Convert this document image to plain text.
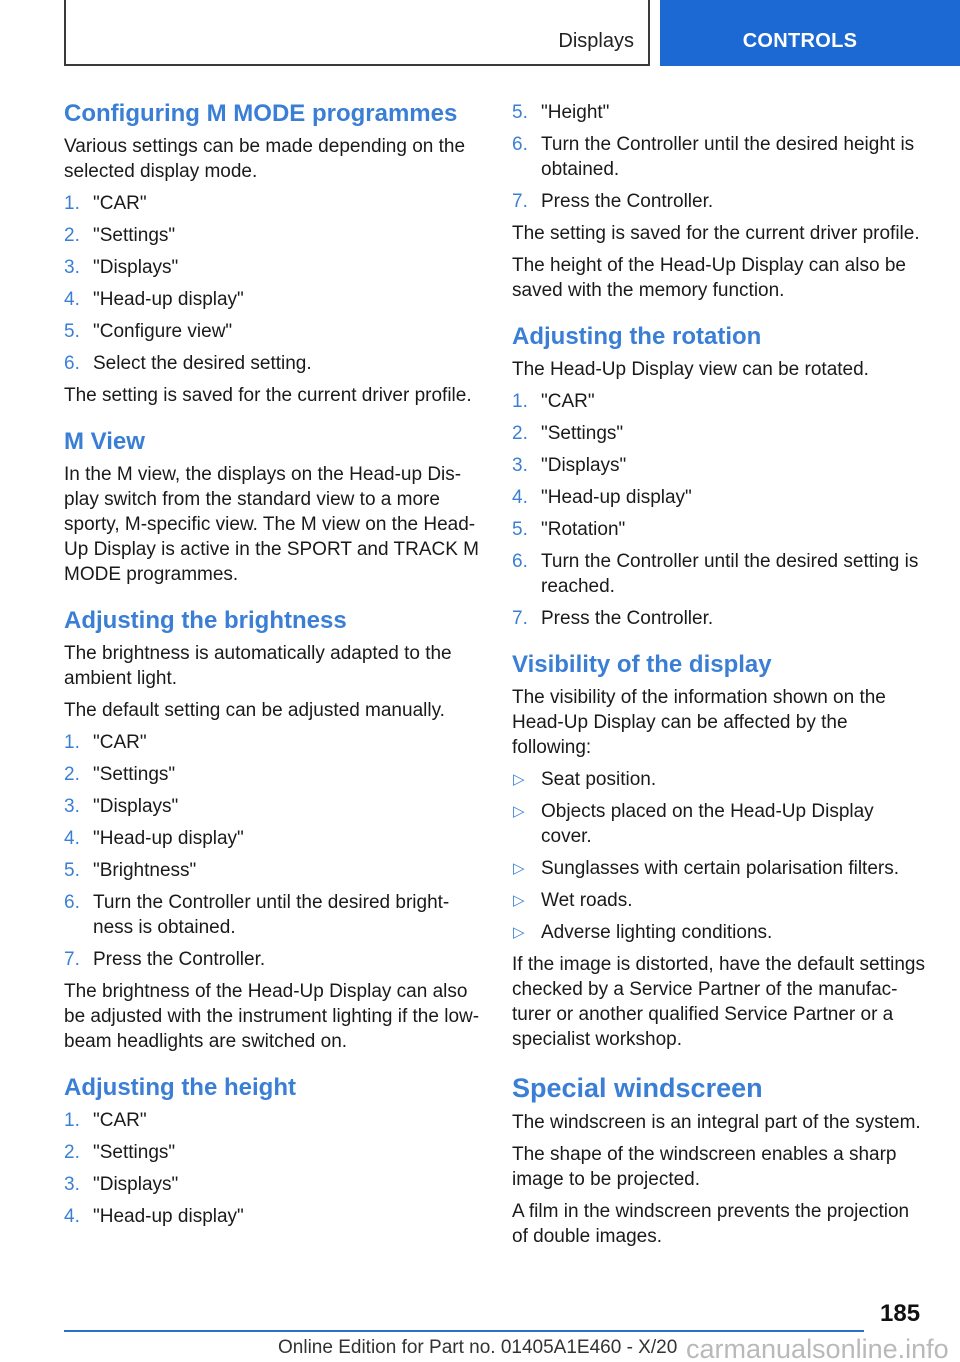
Displays	CONTROLS
Configuring M MODE programmes

Various settings can be made depending on the selected display mode.

1. "CAR"
2. "Settings"
3. "Displays"
4. "Head-up display"
5. "Configure view"
6. Select the desired setting.

The setting is saved for the current driver profile.

M View

In the M view, the displays on the Head-up Dis- play switch from the standard view to a more sporty, M-specific view. The M view on the Head-Up Display is active in the SPORT and TRACK M MODE programmes.

Adjusting the brightness

The brightness is automatically adapted to the ambient light.

The default setting can be adjusted manually.

1. "CAR"
2. "Settings"
3. "Displays"
4. "Head-up display"
5. "Brightness"
6. Turn the Controller until the desired bright- ness is obtained.
7. Press the Controller.

The brightness of the Head-Up Display can also be adjusted with the instrument lighting if the low-beam headlights are switched on.

Adjusting the height
1. "CAR"
2. "Settings"
3. "Displays"
4. "Head-up display"
5. "Height"
6. Turn the Controller until the desired height is obtained.
7. Press the Controller.

The setting is saved for the current driver profile.

The height of the Head-Up Display can also be saved with the memory function.

Adjusting the rotation

The Head-Up Display view can be rotated.

1. "CAR"
2. "Settings"
3. "Displays"
4. "Head-up display"
5. "Rotation"
6. Turn the Controller until the desired setting is reached.
7. Press the Controller.
Visibility of the display

The visibility of the information shown on the Head-Up Display can be affected by the following:

▷ Seat position.
▷ Objects placed on the Head-Up Display cover.
▷ Sunglasses with certain polarisation filters.
▷ Wet roads.
▷ Adverse lighting conditions.

If the image is distorted, have the default settings checked by a Service Partner of the manufac- turer or another qualified Service Partner or a specialist workshop.

Special windscreen

The windscreen is an integral part of the system.

The shape of the windscreen enables a sharp image to be projected.

A film in the windscreen prevents the projection of double images.

185
Online Edition for Part no. 01405A1E460 - X/20 carmanualsonline.info
